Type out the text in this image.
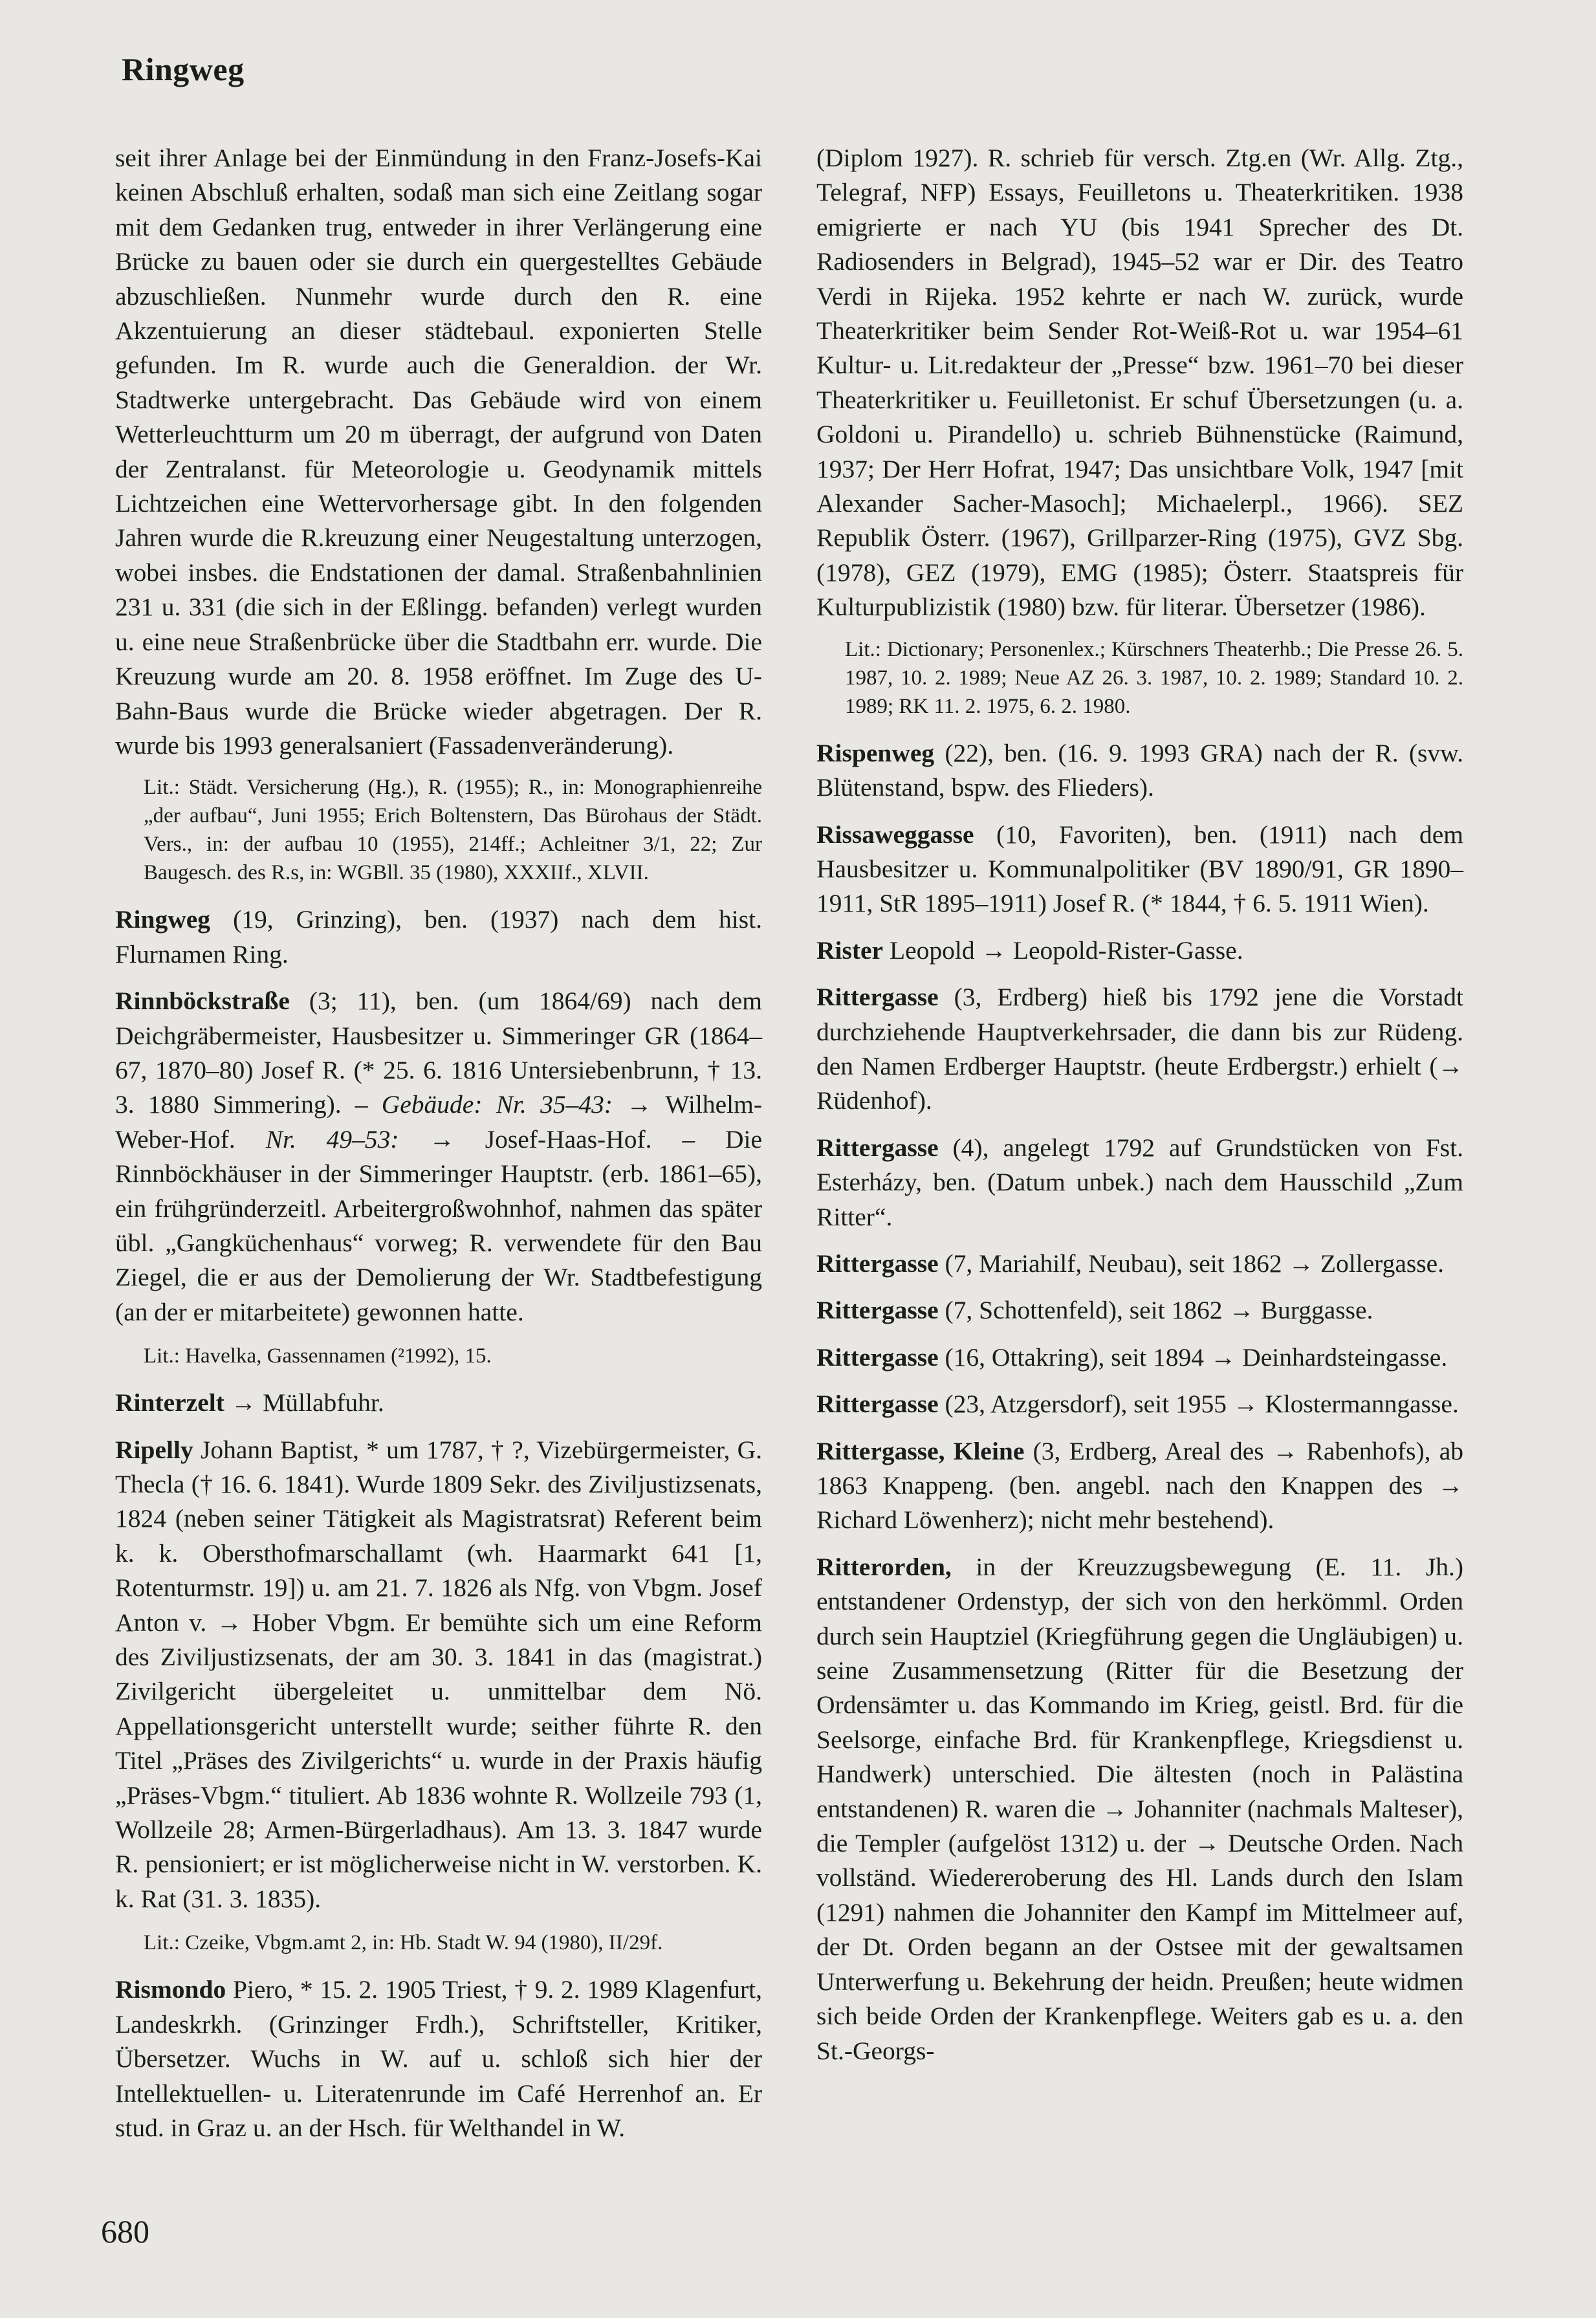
Ringweg

seit ihrer Anlage bei der Einmündung in den Franz-Josefs-Kai keinen Abschluß erhalten, sodaß man sich eine Zeitlang sogar mit dem Gedanken trug, entweder in ihrer Verlängerung eine Brücke zu bauen oder sie durch ein quergestelltes Gebäude abzuschließen. Nunmehr wurde durch den R. eine Akzentuierung an dieser städtebaul. exponierten Stelle gefunden. Im R. wurde auch die Generaldion. der Wr. Stadtwerke untergebracht. Das Gebäude wird von einem Wetterleuchtturm um 20 m überragt, der aufgrund von Daten der Zentralanst. für Meteorologie u. Geodynamik mittels Lichtzeichen eine Wettervorhersage gibt. In den folgenden Jahren wurde die R.kreuzung einer Neugestaltung unterzogen, wobei insbes. die Endstationen der damal. Straßenbahnlinien 231 u. 331 (die sich in der Eßlingg. befanden) verlegt wurden u. eine neue Straßenbrücke über die Stadtbahn err. wurde. Die Kreuzung wurde am 20. 8. 1958 eröffnet. Im Zuge des U-Bahn-Baus wurde die Brücke wieder abgetragen. Der R. wurde bis 1993 generalsaniert (Fassadenveränderung).

Lit.: Städt. Versicherung (Hg.), R. (1955); R., in: Monographienreihe „der aufbau“, Juni 1955; Erich Boltenstern, Das Bürohaus der Städt. Vers., in: der aufbau 10 (1955), 214ff.; Achleitner 3/1, 22; Zur Baugesch. des R.s, in: WGBll. 35 (1980), XXXIIf., XLVII.

Ringweg (19, Grinzing), ben. (1937) nach dem hist. Flurnamen Ring.

Rinnböckstraße (3; 11), ben. (um 1864/69) nach dem Deichgräbermeister, Hausbesitzer u. Simmeringer GR (1864–67, 1870–80) Josef R. (* 25. 6. 1816 Untersiebenbrunn, † 13. 3. 1880 Simmering). – Gebäude: Nr. 35–43: → Wilhelm-Weber-Hof. Nr. 49–53: → Josef-Haas-Hof. – Die Rinnböckhäuser in der Simmeringer Hauptstr. (erb. 1861–65), ein frühgründerzeitl. Arbeitergroßwohnhof, nahmen das später übl. „Gangküchenhaus“ vorweg; R. verwendete für den Bau Ziegel, die er aus der Demolierung der Wr. Stadtbefestigung (an der er mitarbeitete) gewonnen hatte.

Lit.: Havelka, Gassennamen (²1992), 15.

Rinterzelt → Müllabfuhr.

Ripelly Johann Baptist, * um 1787, † ?, Vizebürgermeister, G. Thecla († 16. 6. 1841). Wurde 1809 Sekr. des Ziviljustizsenats, 1824 (neben seiner Tätigkeit als Magistratsrat) Referent beim k. k. Obersthofmarschallamt (wh. Haarmarkt 641 [1, Rotenturmstr. 19]) u. am 21. 7. 1826 als Nfg. von Vbgm. Josef Anton v. → Hober Vbgm. Er bemühte sich um eine Reform des Ziviljustizsenats, der am 30. 3. 1841 in das (magistrat.) Zivilgericht übergeleitet u. unmittelbar dem Nö. Appellationsgericht unterstellt wurde; seither führte R. den Titel „Präses des Zivilgerichts“ u. wurde in der Praxis häufig „Präses-Vbgm.“ tituliert. Ab 1836 wohnte R. Wollzeile 793 (1, Wollzeile 28; Armen-Bürgerladhaus). Am 13. 3. 1847 wurde R. pensioniert; er ist möglicherweise nicht in W. verstorben. K. k. Rat (31. 3. 1835).

Lit.: Czeike, Vbgm.amt 2, in: Hb. Stadt W. 94 (1980), II/29f.

Rismondo Piero, * 15. 2. 1905 Triest, † 9. 2. 1989 Klagenfurt, Landeskrkh. (Grinzinger Frdh.), Schriftsteller, Kritiker, Übersetzer. Wuchs in W. auf u. schloß sich hier der Intellektuellen- u. Literatenrunde im Café Herrenhof an. Er stud. in Graz u. an der Hsch. für Welthandel in W.

(Diplom 1927). R. schrieb für versch. Ztg.en (Wr. Allg. Ztg., Telegraf, NFP) Essays, Feuilletons u. Theaterkritiken. 1938 emigrierte er nach YU (bis 1941 Sprecher des Dt. Radiosenders in Belgrad), 1945–52 war er Dir. des Teatro Verdi in Rijeka. 1952 kehrte er nach W. zurück, wurde Theaterkritiker beim Sender Rot-Weiß-Rot u. war 1954–61 Kultur- u. Lit.redakteur der „Presse“ bzw. 1961–70 bei dieser Theaterkritiker u. Feuilletonist. Er schuf Übersetzungen (u. a. Goldoni u. Pirandello) u. schrieb Bühnenstücke (Raimund, 1937; Der Herr Hofrat, 1947; Das unsichtbare Volk, 1947 [mit Alexander Sacher-Masoch]; Michaelerpl., 1966). SEZ Republik Österr. (1967), Grillparzer-Ring (1975), GVZ Sbg. (1978), GEZ (1979), EMG (1985); Österr. Staatspreis für Kulturpublizistik (1980) bzw. für literar. Übersetzer (1986).

Lit.: Dictionary; Personenlex.; Kürschners Theaterhb.; Die Presse 26. 5. 1987, 10. 2. 1989; Neue AZ 26. 3. 1987, 10. 2. 1989; Standard 10. 2. 1989; RK 11. 2. 1975, 6. 2. 1980.

Rispenweg (22), ben. (16. 9. 1993 GRA) nach der R. (svw. Blütenstand, bspw. des Flieders).

Rissaweggasse (10, Favoriten), ben. (1911) nach dem Hausbesitzer u. Kommunalpolitiker (BV 1890/91, GR 1890–1911, StR 1895–1911) Josef R. (* 1844, † 6. 5. 1911 Wien).

Rister Leopold → Leopold-Rister-Gasse.

Rittergasse (3, Erdberg) hieß bis 1792 jene die Vorstadt durchziehende Hauptverkehrsader, die dann bis zur Rüdeng. den Namen Erdberger Hauptstr. (heute Erdbergstr.) erhielt (→ Rüdenhof).

Rittergasse (4), angelegt 1792 auf Grundstücken von Fst. Esterházy, ben. (Datum unbek.) nach dem Hausschild „Zum Ritter“.

Rittergasse (7, Mariahilf, Neubau), seit 1862 → Zollergasse.

Rittergasse (7, Schottenfeld), seit 1862 → Burggasse.

Rittergasse (16, Ottakring), seit 1894 → Deinhardsteingasse.

Rittergasse (23, Atzgersdorf), seit 1955 → Klostermanngasse.

Rittergasse, Kleine (3, Erdberg, Areal des → Rabenhofs), ab 1863 Knappeng. (ben. angebl. nach den Knappen des → Richard Löwenherz); nicht mehr bestehend).

Ritterorden, in der Kreuzzugsbewegung (E. 11. Jh.) entstandener Ordenstyp, der sich von den herkömml. Orden durch sein Hauptziel (Kriegführung gegen die Ungläubigen) u. seine Zusammensetzung (Ritter für die Besetzung der Ordensämter u. das Kommando im Krieg, geistl. Brd. für die Seelsorge, einfache Brd. für Krankenpflege, Kriegsdienst u. Handwerk) unterschied. Die ältesten (noch in Palästina entstandenen) R. waren die → Johanniter (nachmals Malteser), die Templer (aufgelöst 1312) u. der → Deutsche Orden. Nach vollständ. Wiedereroberung des Hl. Lands durch den Islam (1291) nahmen die Johanniter den Kampf im Mittelmeer auf, der Dt. Orden begann an der Ostsee mit der gewaltsamen Unterwerfung u. Bekehrung der heidn. Preußen; heute widmen sich beide Orden der Krankenpflege. Weiters gab es u. a. den St.-Georgs-

680
